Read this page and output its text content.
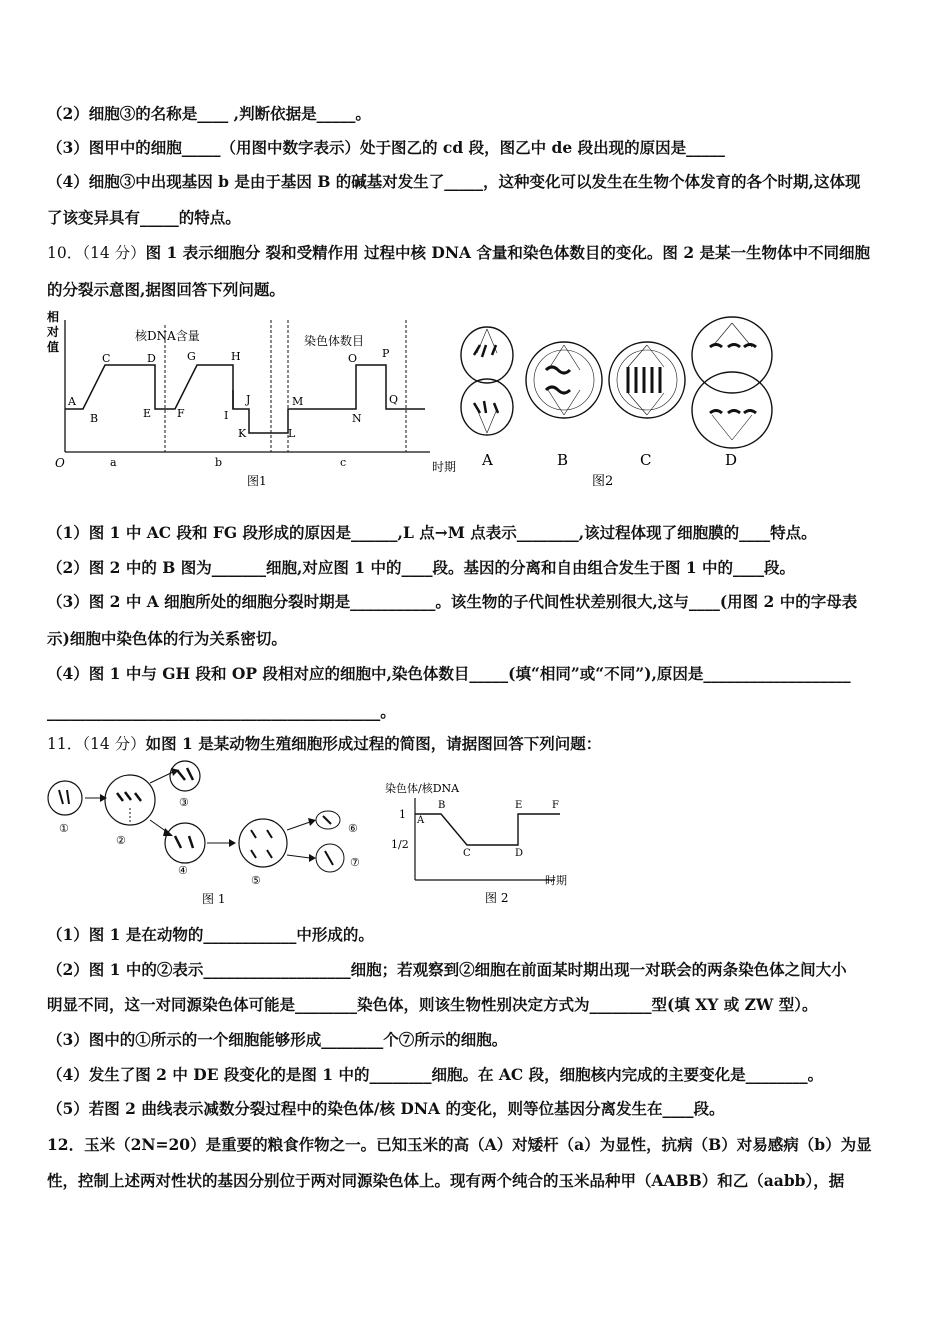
（2）细胞③的名称是____ ,判断依据是_____。
（3）图甲中的细胞_____（用图中数字表示）处于图乙的 cd 段，图乙中 de 段出现的原因是_____
（4）细胞③中出现基因 b 是由于基因 B 的碱基对发生了_____，这种变化可以发生在生物个体发育的各个时期,这体现
了该变异具有_____的特点。
10．（14 分）图 1 表示细胞分 裂和受精作用 过程中核 DNA 含量和染色体数目的变化。图 2 是某一生物体中不同细胞
的分裂示意图,据图回答下列问题。
相
对
值
O	时期
图1
核DNA含量	染色体数目
A
B
C	D
E F
G	H
I
J
K	L
M
N
O P
Q
a	b	c	A	B	C	D
图2
（1）图 1 中 AC 段和 FG 段形成的原因是______,L 点→M 点表示________,该过程体现了细胞膜的____特点。
（2）图 2 中的 B 图为_______细胞,对应图 1 中的____段。基因的分离和自由组合发生于图 1 中的____段。
（3）图 2 中 A 细胞所处的细胞分裂时期是___________。该生物的子代间性状差别很大,这与____(用图 2 中的字母表
示)细胞中染色体的行为关系密切。
（4）图 1 中与 GH 段和 OP 段相对应的细胞中,染色体数目_____(填“相同”或“不同”),原因是___________________
___________________________________________。
11．（14 分）如图 1 是某动物生殖细胞形成过程的简图，请据图回答下列问题：
①
②
③
④
⑤
⑥
⑦
图 1
染色体/核DNA
1
1/2
A
B
C	D
E	F
时期
图 2
（1）图 1 是在动物的____________中形成的。
（2）图 1 中的②表示___________________细胞；若观察到②细胞在前面某时期出现一对联会的两条染色体之间大小
明显不同，这一对同源染色体可能是________染色体，则该生物性别决定方式为________型(填 XY 或 ZW 型）。
（3）图中的①所示的一个细胞能够形成________个⑦所示的细胞。
（4）发生了图 2 中 DE 段变化的是图 1 中的________细胞。在 AC 段，细胞核内完成的主要变化是________。
（5）若图 2 曲线表示减数分裂过程中的染色体/核 DNA 的变化，则等位基因分离发生在____段。
12．玉米（2N=20）是重要的粮食作物之一。已知玉米的高（A）对矮杆（a）为显性，抗病（B）对易感病（b）为显
性，控制上述两对性状的基因分别位于两对同源染色体上。现有两个纯合的玉米品种甲（AABB）和乙（aabb），据
